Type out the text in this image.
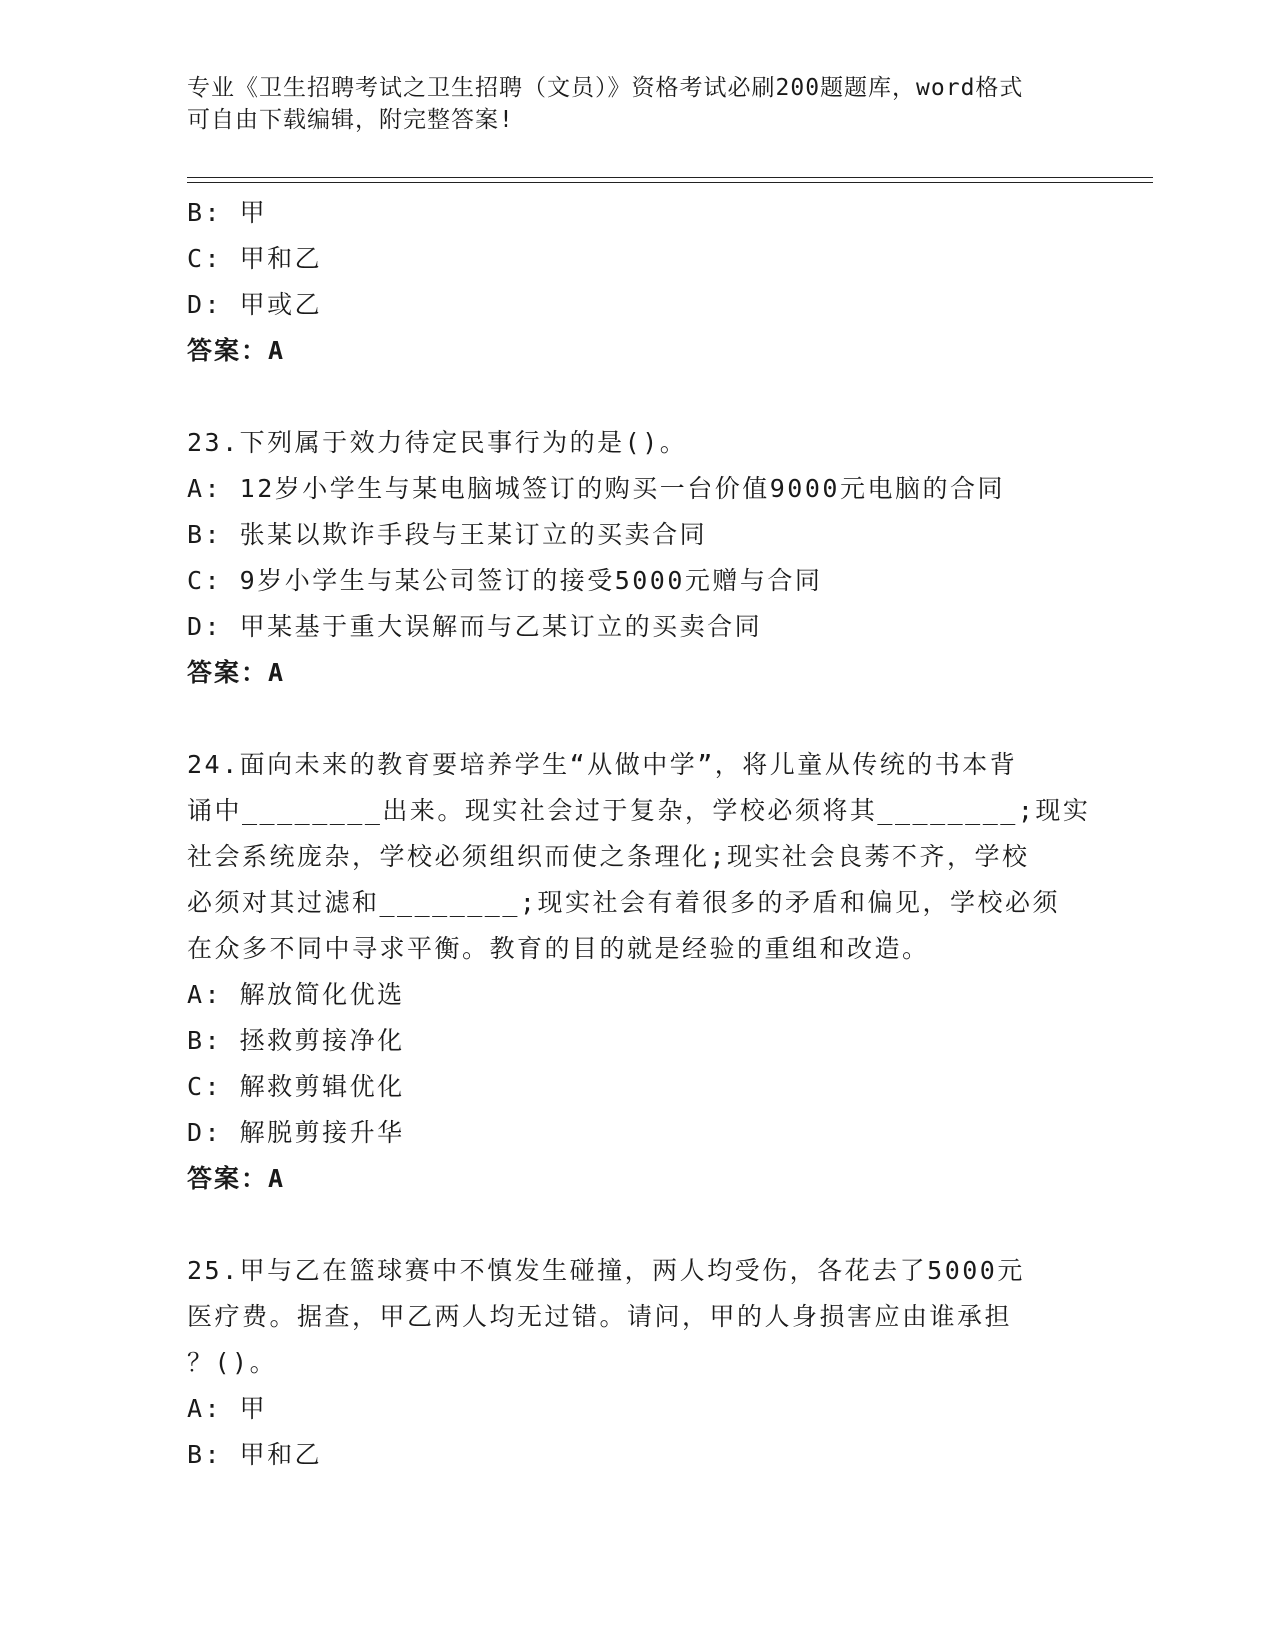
专业《卫生招聘考试之卫生招聘（文员）》资格考试必刷200题题库，word格式
可自由下载编辑，附完整答案!
B: 甲
C: 甲和乙
D: 甲或乙
答案：A
23.下列属于效力待定民事行为的是()。
A: 12岁小学生与某电脑城签订的购买一台价值9000元电脑的合同
B: 张某以欺诈手段与王某订立的买卖合同
C: 9岁小学生与某公司签订的接受5000元赠与合同
D: 甲某基于重大误解而与乙某订立的买卖合同
答案：A
24.面向未来的教育要培养学生“从做中学”，将儿童从传统的书本背
诵中________出来。现实社会过于复杂，学校必须将其________;现实
社会系统庞杂，学校必须组织而使之条理化;现实社会良莠不齐，学校
必须对其过滤和________;现实社会有着很多的矛盾和偏见，学校必须
在众多不同中寻求平衡。教育的目的就是经验的重组和改造。
A: 解放简化优选
B: 拯救剪接净化
C: 解救剪辑优化
D: 解脱剪接升华
答案：A
25.甲与乙在篮球赛中不慎发生碰撞，两人均受伤，各花去了5000元
医疗费。据查，甲乙两人均无过错。请问，甲的人身损害应由谁承担
？()。
A: 甲
B: 甲和乙
